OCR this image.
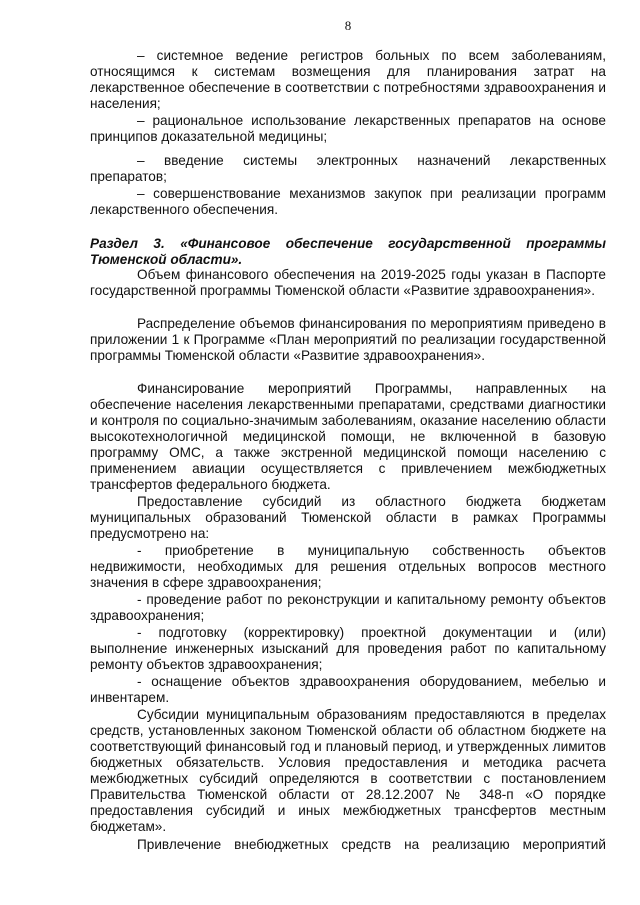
8
– системное ведение регистров больных по всем заболеваниям, относящимся к системам возмещения для планирования затрат на лекарственное обеспечение в соответствии с потребностями здравоохранения и населения;
– рациональное использование лекарственных препаратов на основе принципов доказательной медицины;
– введение системы электронных назначений лекарственных препаратов;
– совершенствование механизмов закупок при реализации программ лекарственного обеспечения.
Раздел 3. «Финансовое обеспечение государственной программы Тюменской области».
Объем финансового обеспечения на 2019-2025 годы указан в Паспорте государственной программы Тюменской области «Развитие здравоохранения».
Распределение объемов финансирования по мероприятиям приведено в приложении 1 к Программе «План мероприятий по реализации государственной программы Тюменской области «Развитие здравоохранения».
Финансирование мероприятий Программы, направленных на обеспечение населения лекарственными препаратами, средствами диагностики и контроля по социально-значимым заболеваниям, оказание населению области высокотехнологичной медицинской помощи, не включенной в базовую программу ОМС, а также экстренной медицинской помощи населению с применением авиации осуществляется с привлечением межбюджетных трансфертов федерального бюджета.
Предоставление субсидий из областного бюджета бюджетам муниципальных образований Тюменской области в рамках Программы предусмотрено на:
- приобретение в муниципальную собственность объектов недвижимости, необходимых для решения отдельных вопросов местного значения в сфере здравоохранения;
- проведение работ по реконструкции и капитальному ремонту объектов здравоохранения;
- подготовку (корректировку) проектной документации и (или) выполнение инженерных изысканий для проведения работ по капитальному ремонту объектов здравоохранения;
- оснащение объектов здравоохранения оборудованием, мебелью и инвентарем.
Субсидии муниципальным образованиям предоставляются в пределах средств, установленных законом Тюменской области об областном бюджете на соответствующий финансовый год и плановый период, и утвержденных лимитов бюджетных обязательств. Условия предоставления и методика расчета межбюджетных субсидий определяются в соответствии с постановлением Правительства Тюменской области от 28.12.2007 № 348-п «О порядке предоставления субсидий и иных межбюджетных трансфертов местным бюджетам».
Привлечение внебюджетных средств на реализацию мероприятий
